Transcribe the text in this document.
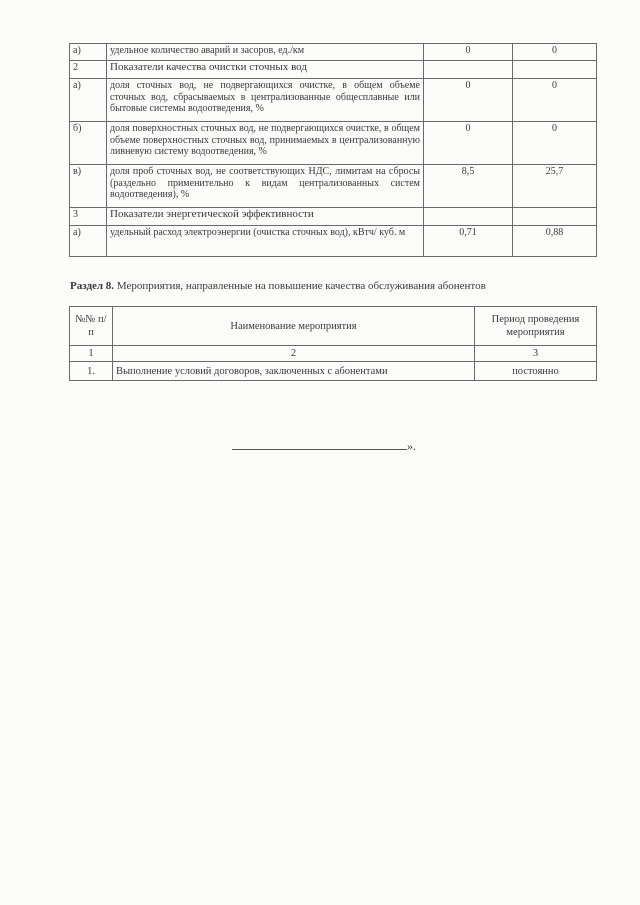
а)	удельное количество аварий и засоров, ед./км	0	0
2	Показатели качества очистки сточных вод		
а)	доля сточных вод, не подвергающихся очистке, в общем объеме сточных вод, сбрасываемых в централизованные общесплавные или бытовые системы водоотведения, %	0	0
б)	доля поверхностных сточных вод, не подвергающихся очистке, в общем объеме поверхностных сточных вод, принимаемых в централизованную ливневую систему водоотведения, %	0	0
в)	доля проб сточных вод, не соответствующих НДС, лимитам на сбросы (раздельно применительно к видам централизованных систем водоотведения), %	8,5	25,7
3	Показатели энергетической эффективности		
а)	удельный расход электроэнергии (очистка сточных вод), кВтч/ куб. м	0,71	0,88
Раздел 8. Мероприятия, направленные на повышение качества обслуживания абонентов
№№ п/п	Наименование мероприятия	Период проведения мероприятия
1	2	3
1.	Выполнение условий договоров, заключенных с абонентами	постоянно
».
